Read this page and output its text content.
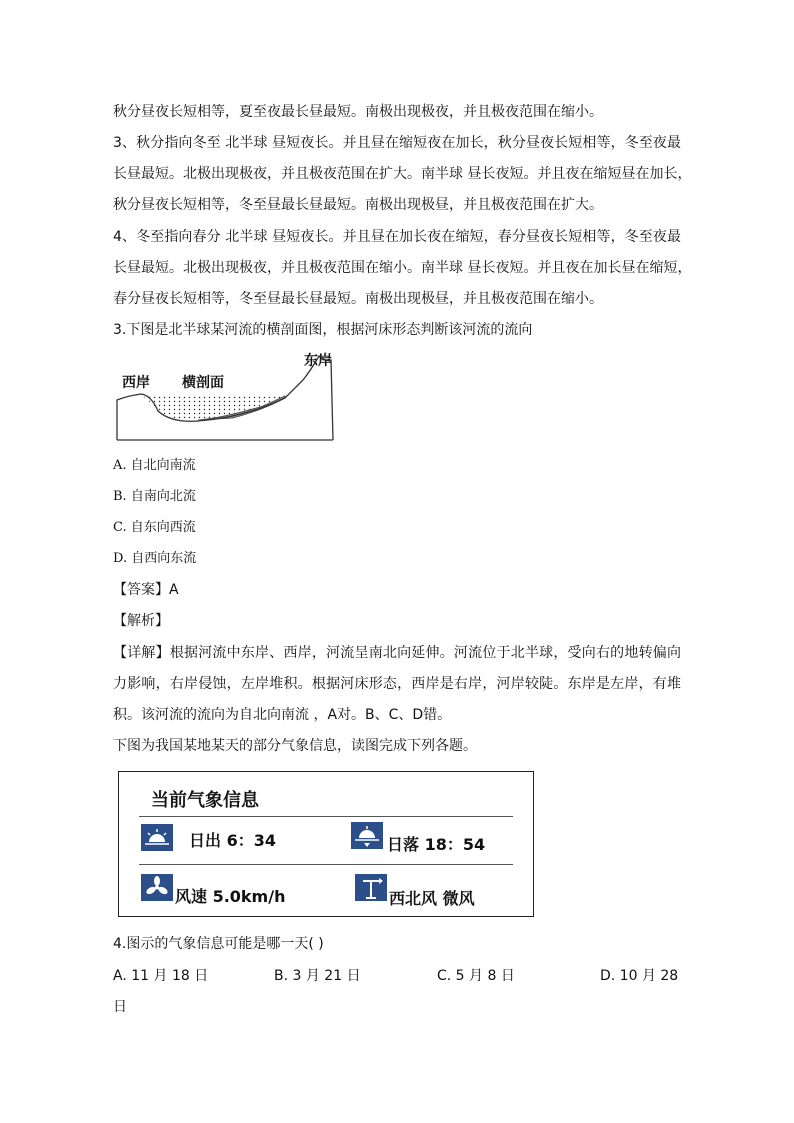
秋分昼夜长短相等，夏至夜最长昼最短。南极出现极夜，并且极夜范围在缩小。
3、秋分指向冬至 北半球 昼短夜长。并且昼在缩短夜在加长，秋分昼夜长短相等，冬至夜最
长昼最短。北极出现极夜，并且极夜范围在扩大。南半球 昼长夜短。并且夜在缩短昼在加长，
秋分昼夜长短相等，冬至昼最长昼最短。南极出现极昼，并且极夜范围在扩大。
4、冬至指向春分 北半球 昼短夜长。并且昼在加长夜在缩短，春分昼夜长短相等，冬至夜最
长昼最短。北极出现极夜，并且极夜范围在缩小。南半球 昼长夜短。并且夜在加长昼在缩短，
春分昼夜长短相等，冬至昼最长昼最短。南极出现极昼，并且极夜范围在缩小。
3.下图是北半球某河流的横剖面图，根据河床形态判断该河流的流向
西岸 横剖面
东岸
A. 自北向南流
B. 自南向北流
C. 自东向西流
D. 自西向东流
【答案】A
【解析】
【详解】根据河流中东岸、西岸，河流呈南北向延伸。河流位于北半球，受向右的地转偏向
力影响，右岸侵蚀，左岸堆积。根据河床形态，西岸是右岸，河岸较陡。东岸是左岸，有堆
积。该河流的流向为自北向南流 ，A对。B、C、D错。
下图为我国某地某天的部分气象信息，读图完成下列各题。
当前气象信息
日出 6：34	日落 18：54
风速 5.0km/h	西北风 微风
4.图示的气象信息可能是哪一天( )
A. 11 月 18 日	B. 3 月 21 日	C. 5 月 8 日	D. 10 月 28
日
